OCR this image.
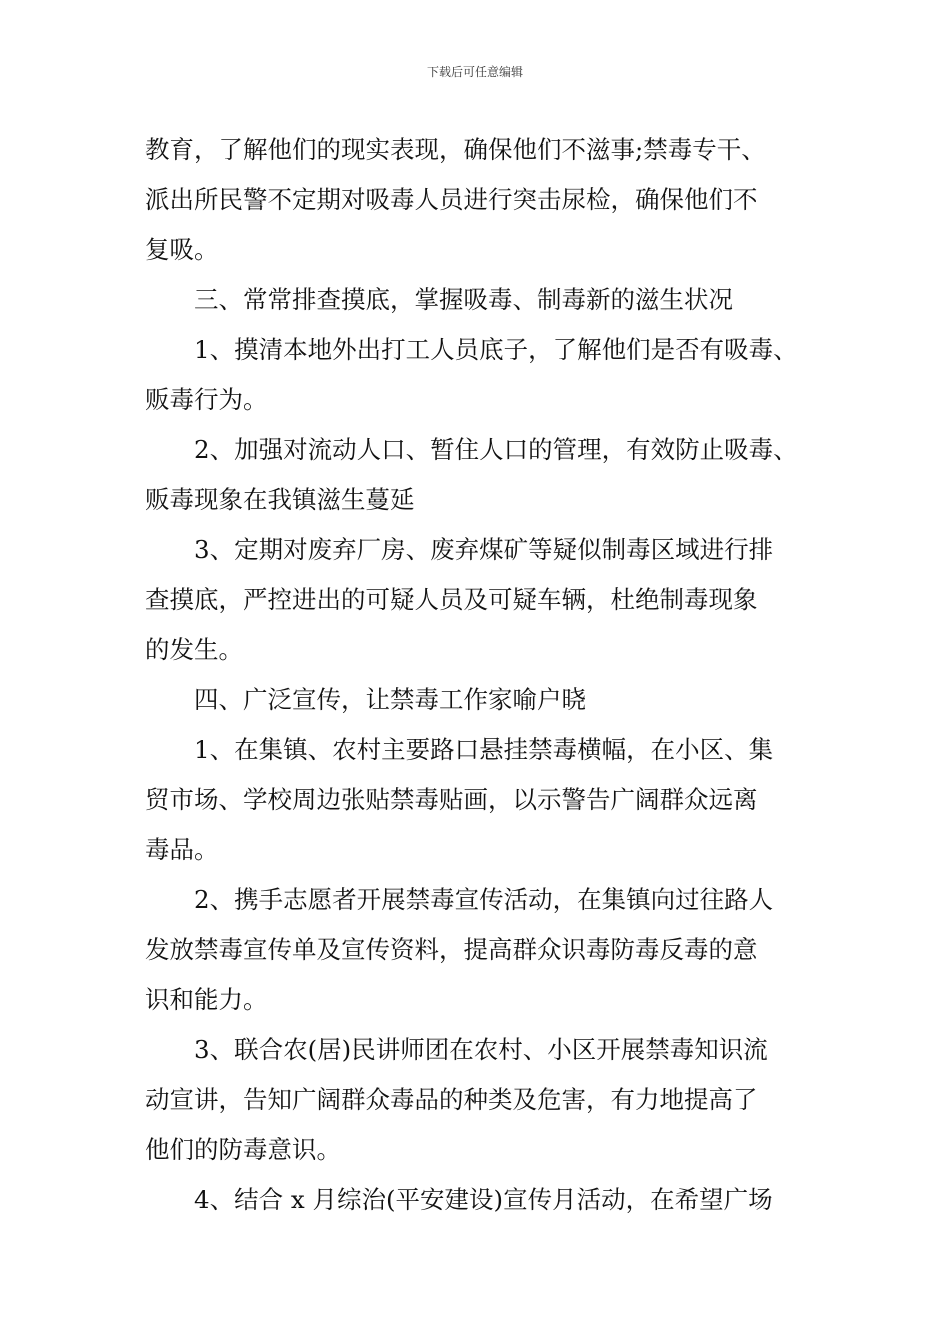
下载后可任意编辑

教育，了解他们的现实表现，确保他们不滋事;禁毒专干、
派出所民警不定期对吸毒人员进行突击尿检，确保他们不
复吸。

三、常常排查摸底，掌握吸毒、制毒新的滋生状况

1、摸清本地外出打工人员底子，了解他们是否有吸毒、
贩毒行为。

2、加强对流动人口、暂住人口的管理，有效防止吸毒、
贩毒现象在我镇滋生蔓延

3、定期对废弃厂房、废弃煤矿等疑似制毒区域进行排
查摸底，严控进出的可疑人员及可疑车辆，杜绝制毒现象
的发生。

四、广泛宣传，让禁毒工作家喻户晓

1、在集镇、农村主要路口悬挂禁毒横幅，在小区、集
贸市场、学校周边张贴禁毒贴画，以示警告广阔群众远离
毒品。

2、携手志愿者开展禁毒宣传活动，在集镇向过往路人
发放禁毒宣传单及宣传资料，提高群众识毒防毒反毒的意
识和能力。

3、联合农(居)民讲师团在农村、小区开展禁毒知识流
动宣讲，告知广阔群众毒品的种类及危害，有力地提高了
他们的防毒意识。

4、结合 x 月综治(平安建设)宣传月活动，在希望广场
